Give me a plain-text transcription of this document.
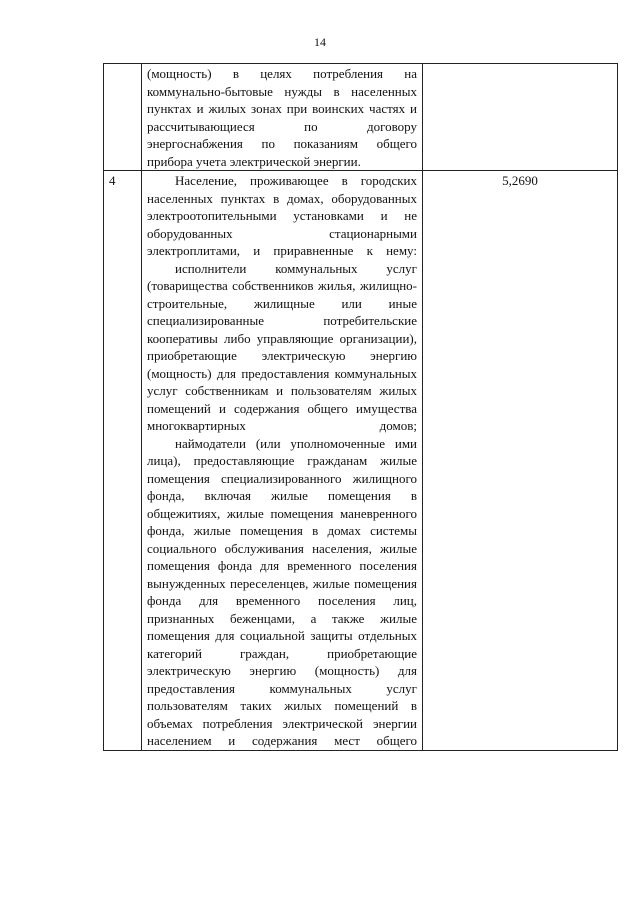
14

	(мощность) в целях потребления на коммунально-бытовые нужды в населенных пунктах и жилых зонах при воинских частях и рассчитывающиеся по договору энергоснабжения по показаниям общего прибора учета электрической энергии.	

4	Население, проживающее в городских населенных пунктах в домах, оборудованных электроотопительными установками и не оборудованных стационарными электроплитами, и приравненные к нему:
исполнители коммунальных услуг (товарищества собственников жилья, жилищно-строительные, жилищные или иные специализированные потребительские кооперативы либо управляющие организации), приобретающие электрическую энергию (мощность) для предоставления коммунальных услуг собственникам и пользователям жилых помещений и содержания общего имущества многоквартирных домов;
наймодатели (или уполномоченные ими лица), предоставляющие гражданам жилые помещения специализированного жилищного фонда, включая жилые помещения в общежитиях, жилые помещения маневренного фонда, жилые помещения в домах системы социального обслуживания населения, жилые помещения фонда для временного поселения вынужденных переселенцев, жилые помещения фонда для временного поселения лиц, признанных беженцами, а также жилые помещения для социальной защиты отдельных категорий граждан, приобретающие электрическую энергию (мощность) для предоставления коммунальных услуг пользователям таких жилых помещений в объемах потребления электрической энергии населением и содержания мест общего	5,2690
